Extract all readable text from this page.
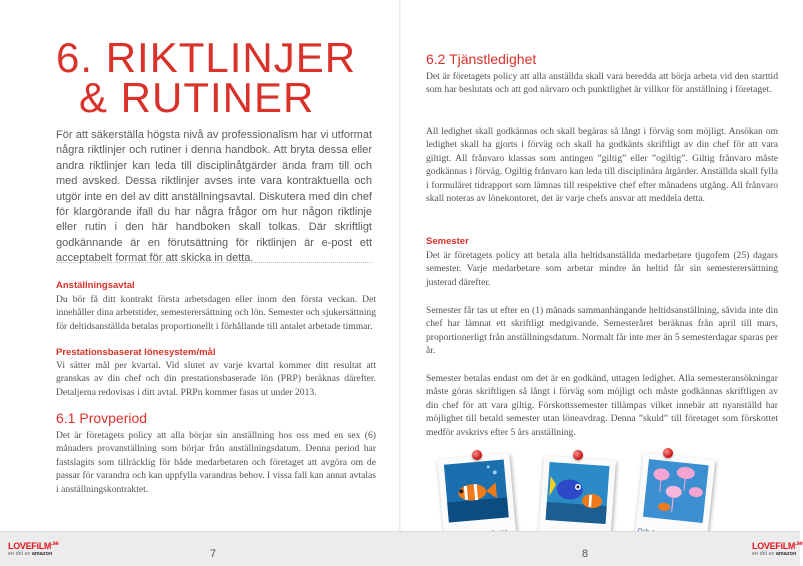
6. RIKTLINJER
& RUTINER

För att säkerställa högsta nivå av professionalism har vi utformat några riktlinjer och rutiner i denna handbok. Att bryta dessa eller andra riktlinjer kan leda till disciplinåtgärder ända fram till och med avsked. Dessa riktlinjer avses inte vara kontraktuella och utgör inte en del av ditt anställningsavtal. Diskutera med din chef för klargörande ifall du har några frågor om hur någon riktlinje eller rutin i den här handboken skall tolkas. Där skriftligt godkännande är en förutsättning för riktlinjen är e-post ett acceptabelt format för att skicka in detta.

Anställningsavtal

Du bör få ditt kontrakt första arbetsdagen eller inom den första veckan. Det innehåller dina arbetstider, semesterersättning och lön. Semester och sjukersättning för deltidsanställda betalas proportionellt i förhållande till antalet arbetade timmar.

Prestationsbaserat lönesystem/mål

Vi sätter mål per kvartal. Vid slutet av varje kvartal kommer ditt resultat att granskas av din chef och din prestationsbaserade lön (PRP) beräknas därefter. Detaljerna redovisas i ditt avtal. PRPn kommer fasas ut under 2013.

6.1 Provperiod

Det är företagets policy att alla börjar sin anställning hos oss med en sex (6) månaders provanställning som börjar från anställningsdatum. Denna period har fastslagits som tillräcklig för både medarbetaren och företaget att avgöra om de passar för varandra och kan uppfylla varandras behov. I vissa fall kan annat avtalas i anställningskontraktet.

6.2 Tjänstledighet

Det är företagets policy att alla anställda skall vara beredda att börja arbeta vid den starttid som har beslutats och att god närvaro och punktlighet är villkor för anställning i företaget.

All ledighet skall godkännas och skall begäras så långt i förväg som möjligt. Ansökan om ledighet skall ha gjorts i förväg och skall ha godkänts skriftligt av din chef för att vara giltigt. All frånvaro klassas som antingen ”giltig” eller ”ogiltig”. Giltig frånvaro måste godkännas i förväg. Ogiltig frånvaro kan leda till disciplinära åtgärder. Anställda skall fylla i formuläret tidrapport som lämnas till respektive chef efter månadens utgång. All frånvaro skall noteras av lönekontoret, det är varje chefs ansvar att meddela detta.

Semester

Det är företagets policy att betala alla heltidsanställda medarbetare tjugofem (25) dagars semester. Varje medarbetare som arbetar mindre än heltid får sin semesterersättning justerad därefter.

Semester får tas ut efter en (1) månads sammanhängande heltidsanställning, såvida inte din chef har lämnat ett skriftligt medgivande. Semesteråret beräknas från april till mars, proportionerligt från anställningsdatum. Normalt får inte mer än 5 semesterdagar sparas per år.

Semester betalas endast om det är en godkänd, uttagen ledighet. Alla semesteransökningar måste göras skriftligen så långt i förväg som möjligt och måste godkännas skriftligen av din chef för att vara giltig. Förskottssemester tillämpas vilket innebär att nyanställd har möjlighet till betald semester utan löneavdrag. Denna ”skuld” till företaget som förskottet medför avskrivs efter 5 års anställning.

LOVEFiLM$^{.se}$
en del av amazon	7	8
LOVEFiLM$^{.se}$
en del av amazon
